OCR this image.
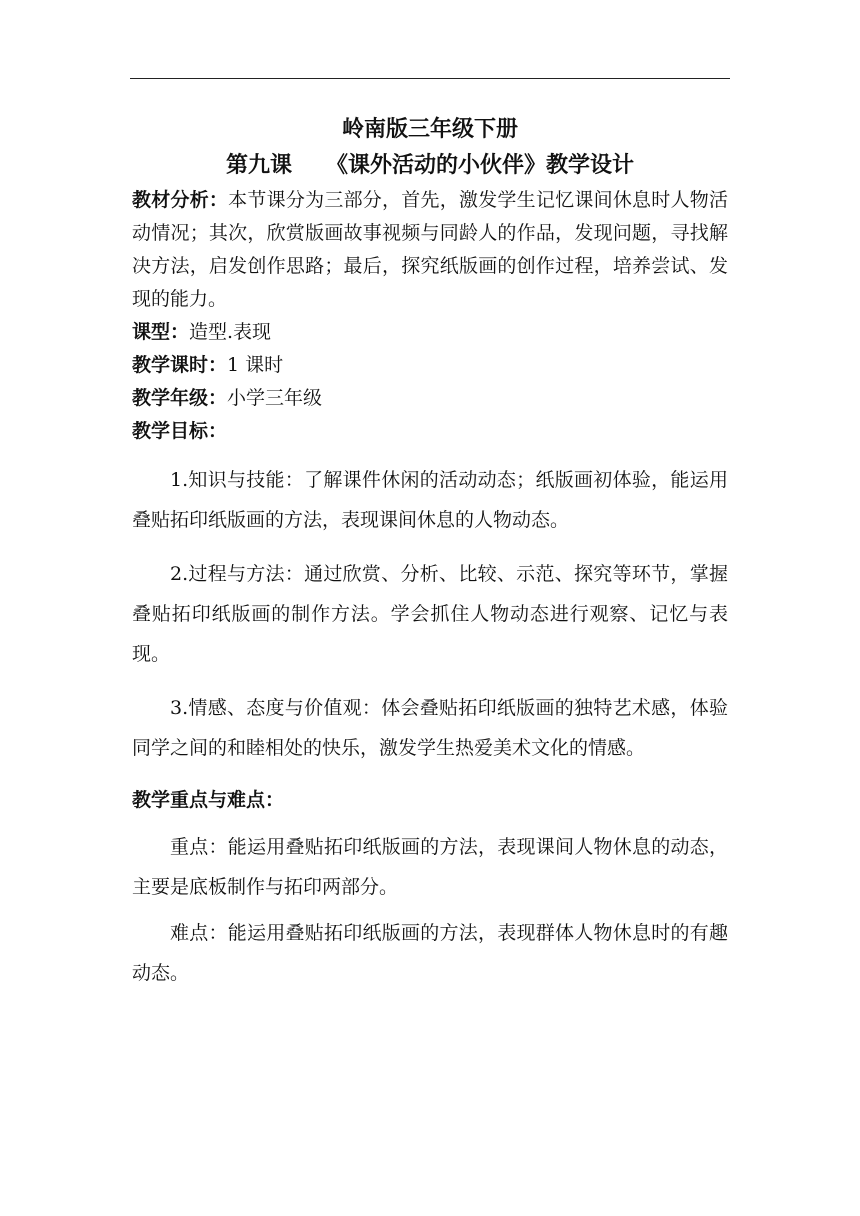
岭南版三年级下册
第九课 《课外活动的小伙伴》教学设计

教材分析：本节课分为三部分，首先，激发学生记忆课间休息时人物活动情况；其次，欣赏版画故事视频与同龄人的作品，发现问题，寻找解决方法，启发创作思路；最后，探究纸版画的创作过程，培养尝试、发现的能力。

课型：造型.表现

教学课时：1 课时

教学年级：小学三年级

教学目标：

1.知识与技能：了解课件休闲的活动动态；纸版画初体验，能运用叠贴拓印纸版画的方法，表现课间休息的人物动态。

2.过程与方法：通过欣赏、分析、比较、示范、探究等环节，掌握叠贴拓印纸版画的制作方法。学会抓住人物动态进行观察、记忆与表现。

3.情感、态度与价值观：体会叠贴拓印纸版画的独特艺术感，体验同学之间的和睦相处的快乐，激发学生热爱美术文化的情感。

教学重点与难点：

重点：能运用叠贴拓印纸版画的方法，表现课间人物休息的动态，主要是底板制作与拓印两部分。

难点：能运用叠贴拓印纸版画的方法，表现群体人物休息时的有趣动态。
